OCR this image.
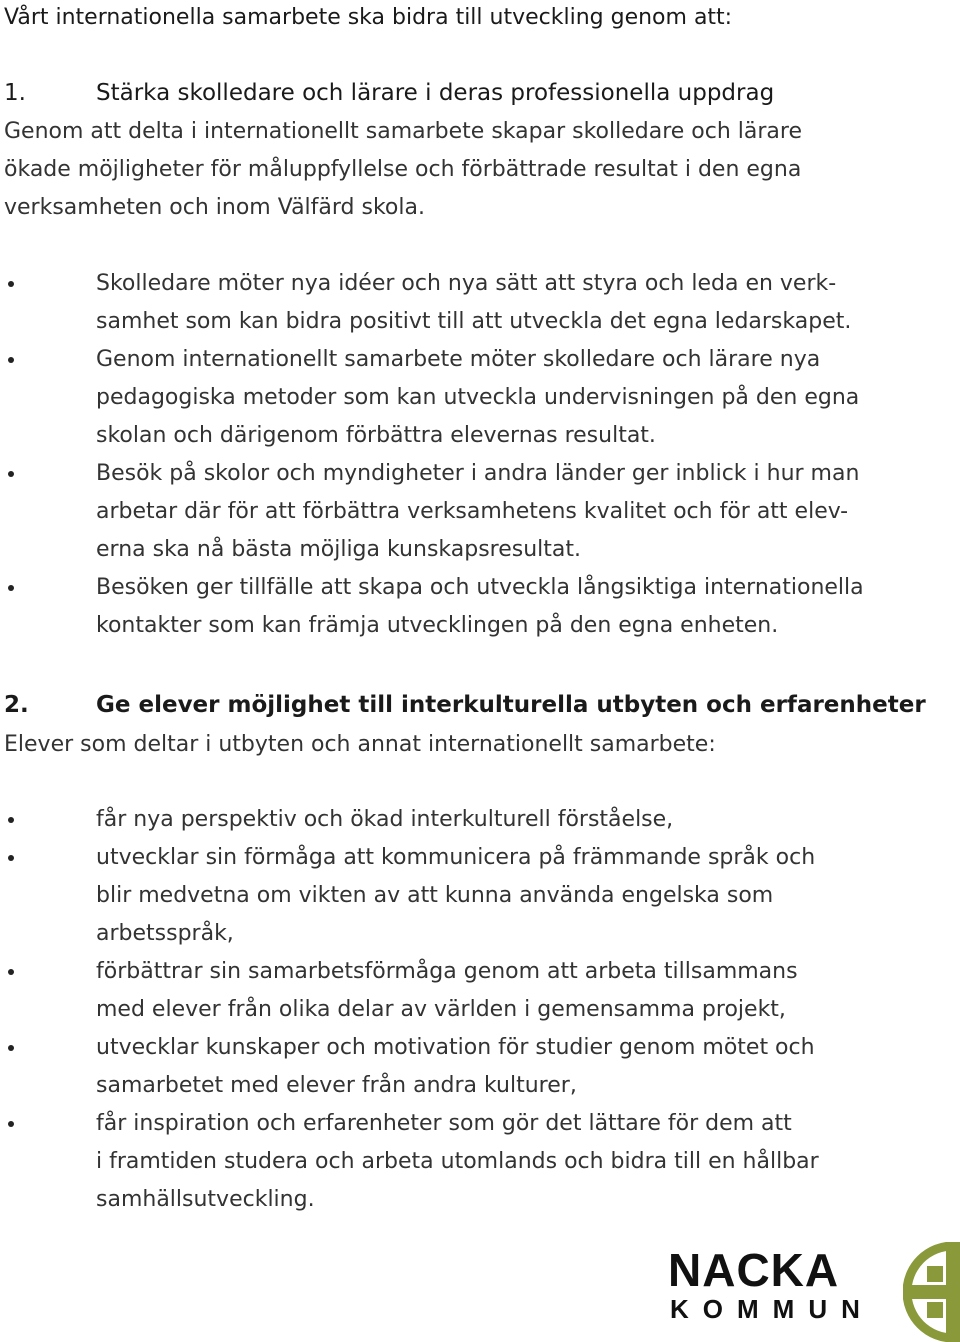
Vårt internationella samarbete ska bidra till utveckling genom att:
1.	Stärka skolledare och lärare i deras professionella uppdrag
Genom att delta i internationellt samarbete skapar skolledare och lärare
ökade möjligheter för måluppfyllelse och förbättrade resultat i den egna
verksamheten och inom Välfärd skola.
Skolledare möter nya idéer och nya sätt att styra och leda en verk-
samhet som kan bidra positivt till att utveckla det egna ledarskapet.
Genom internationellt samarbete möter skolledare och lärare nya
pedagogiska metoder som kan utveckla undervisningen på den egna
skolan och därigenom förbättra elevernas resultat.
Besök på skolor och myndigheter i andra länder ger inblick i hur man
arbetar där för att förbättra verksamhetens kvalitet och för att elev-
erna ska nå bästa möjliga kunskapsresultat.
Besöken ger tillfälle att skapa och utveckla långsiktiga internationella
kontakter som kan främja utvecklingen på den egna enheten.
2.	Ge elever möjlighet till interkulturella utbyten och erfarenheter
Elever som deltar i utbyten och annat internationellt samarbete:
får nya perspektiv och ökad interkulturell förståelse,
utvecklar sin förmåga att kommunicera på främmande språk och
blir medvetna om vikten av att kunna använda engelska som
arbetsspråk,
förbättrar sin samarbetsförmåga genom att arbeta tillsammans
med elever från olika delar av världen i gemensamma projekt,
utvecklar kunskaper och motivation för studier genom mötet och
samarbetet med elever från andra kulturer,
får inspiration och erfarenheter som gör det lättare för dem att
i framtiden studera och arbeta utomlands och bidra till en hållbar
samhällsutveckling.
NACKA
KOMMUN
